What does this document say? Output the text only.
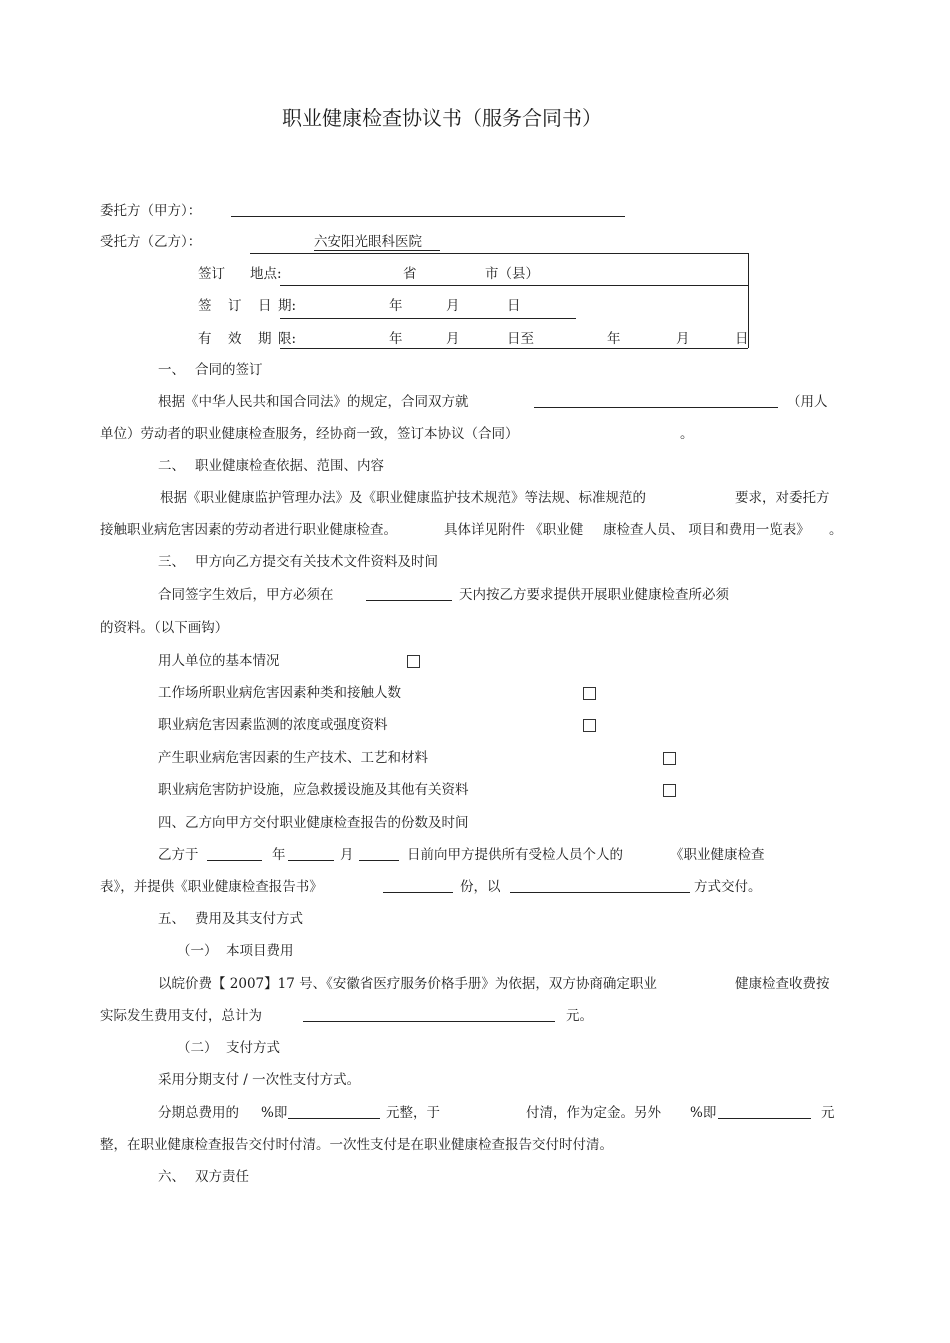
职业健康检查协议书（服务合同书）
委托方（甲方）：
受托方（乙方）：	六安阳光眼科医院
签订 地点:	省	市（县）
签 订 日 期:	年	月	日
有 效 期 限:	年	月	日至	年	月	日
一、 合同的签订
根据《中华人民共和国合同法》的规定，合同双方就	（用人
单位）劳动者的职业健康检查服务，经协商一致，签订本协议（合同）	。
二、 职业健康检查依据、范围、内容
根据《职业健康监护管理办法》及《职业健康监护技术规范》等法规、标准规范的	要求，对委托方
接触职业病危害因素的劳动者进行职业健康检查。	具体详见附件 《职业健 康检查人员、 项目和费用一览表》 。
三、 甲方向乙方提交有关技术文件资料及时间
合同签字生效后，甲方必须在	天内按乙方要求提供开展职业健康检查所必须
的资料。（以下画钩）
用人单位的基本情况
工作场所职业病危害因素种类和接触人数
职业病危害因素监测的浓度或强度资料
产生职业病危害因素的生产技术、工艺和材料
职业病危害防护设施，应急救援设施及其他有关资料
四、乙方向甲方交付职业健康检查报告的份数及时间
乙方于	年	月	日前向甲方提供所有受检人员个人的	《职业健康检查
表》，并提供《职业健康检查报告书》	份，以	方式交付。
五、 费用及其支付方式
（一） 本项目费用
以皖价费【 2007】17 号、《安徽省医疗服务价格手册》为依据，双方协商确定职业	健康检查收费按
实际发生费用支付，总计为	元。
（二） 支付方式
采用分期支付 / 一次性支付方式。
分期总费用的 %即	元整，于	付清，作为定金。另外 %即	元
整，在职业健康检查报告交付时付清。一次性支付是在职业健康检查报告交付时付清。
六、 双方责任
